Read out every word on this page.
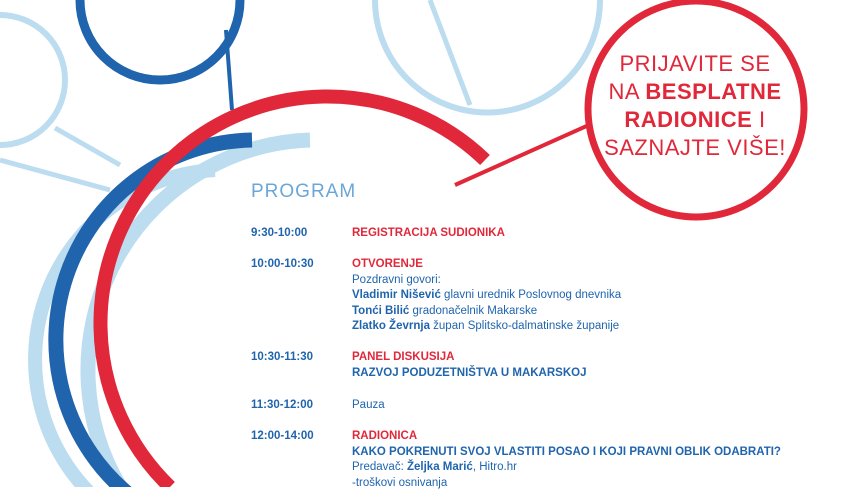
PRIJAVITE SE
NA BESPLATNE
RADIONICE I
SAZNAJTE VIŠE!
PROGRAM
9:30-10:00	REGISTRACIJA SUDIONIKA
10:00-10:30	OTVORENJE
Pozdravni govori:
Vladimir Nišević glavni urednik Poslovnog dnevnika
Tonći Bilić gradonačelnik Makarske
Zlatko Ževrnja župan Splitsko-dalmatinske županije
10:30-11:30	PANEL DISKUSIJA
RAZVOJ PODUZETNIŠTVA U MAKARSKOJ
11:30-12:00	Pauza
12:00-14:00	RADIONICA
KAKO POKRENUTI SVOJ VLASTITI POSAO I KOJI PRAVNI OBLIK ODABRATI?
Predavač: Željka Marić, Hitro.hr
-troškovi osnivanja
